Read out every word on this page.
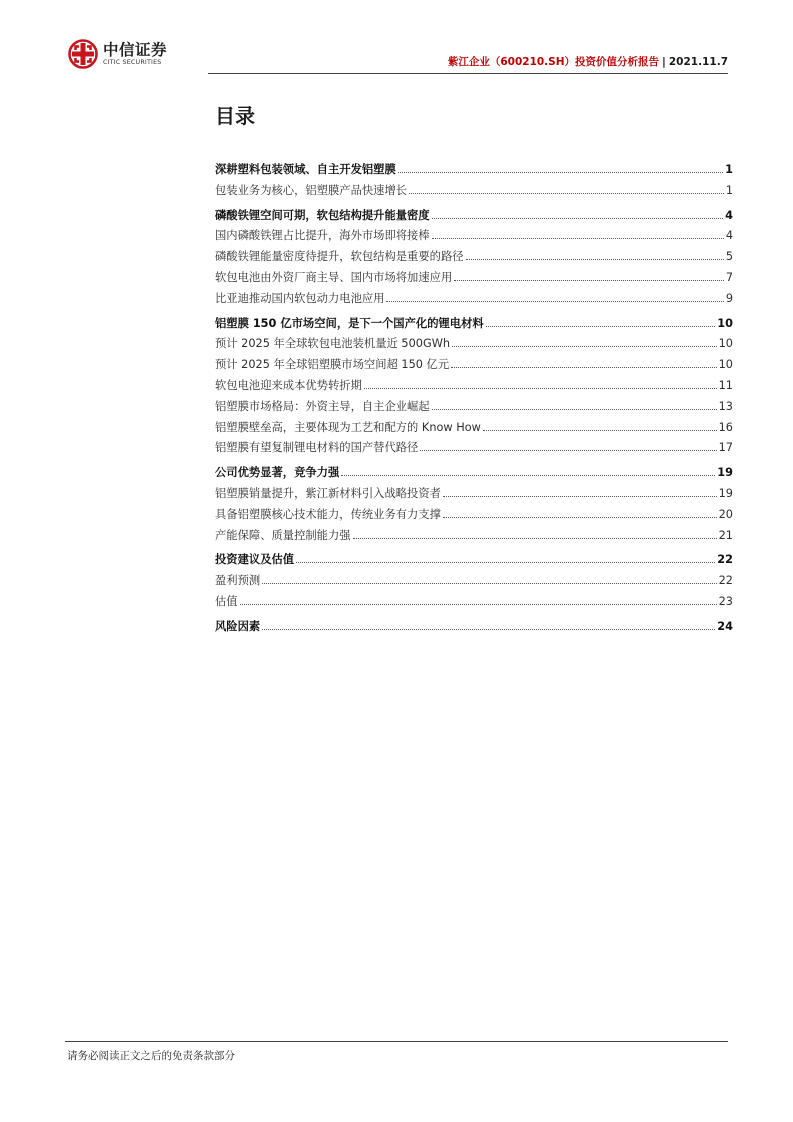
中信证券
CITIC SECURITIES	紫江企业（600210.SH）投资价值分析报告 | 2021.11.7
目录
深耕塑料包装领域、自主开发铝塑膜	1
包装业务为核心，铝塑膜产品快速增长	1
磷酸铁锂空间可期，软包结构提升能量密度	4
国内磷酸铁锂占比提升，海外市场即将接棒	4
磷酸铁锂能量密度待提升，软包结构是重要的路径	5
软包电池由外资厂商主导、国内市场将加速应用	7
比亚迪推动国内软包动力电池应用	9
铝塑膜 150 亿市场空间，是下一个国产化的锂电材料	10
预计 2025 年全球软包电池装机量近 500GWh	10
预计 2025 年全球铝塑膜市场空间超 150 亿元	10
软包电池迎来成本优势转折期	11
铝塑膜市场格局：外资主导，自主企业崛起	13
铝塑膜壁垒高，主要体现为工艺和配方的 Know How	16
铝塑膜有望复制锂电材料的国产替代路径	17
公司优势显著，竞争力强	19
铝塑膜销量提升，紫江新材料引入战略投资者	19
具备铝塑膜核心技术能力，传统业务有力支撑	20
产能保障、质量控制能力强	21
投资建议及估值	22
盈利预测	22
估值	23
风险因素	24
请务必阅读正文之后的免责条款部分
